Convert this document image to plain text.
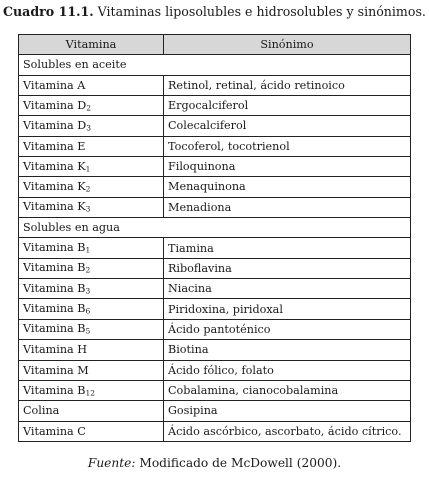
Cuadro 11.1. Vitaminas liposolubles e hidrosolubles y sinónimos.
Vitamina	Sinónimo
Solubles en aceite	
Vitamina A	Retinol, retinal, ácido retinoico
Vitamina $D_2$	Ergocalciferol
Vitamina $D_3$	Colecalciferol
Vitamina E	Tocoferol, tocotrienol
Vitamina $K_1$	Filoquinona
Vitamina $K_2$	Menaquinona
Vitamina $K_3$	Menadiona
Solubles en agua	
Vitamina $B_1$	Tiamina
Vitamina $B_2$	Riboflavina
Vitamina $B_3$	Niacina
Vitamina $B_6$	Piridoxina, piridoxal
Vitamina $B_5$	Ácido pantoténico
Vitamina H	Biotina
Vitamina M	Ácido fólico, folato
Vitamina $B_{12}$	Cobalamina, cianocobalamina
Colina	Gosipina
Vitamina C	Ácido ascórbico, ascorbato, ácido cítrico.
Fuente: Modificado de McDowell (2000).
